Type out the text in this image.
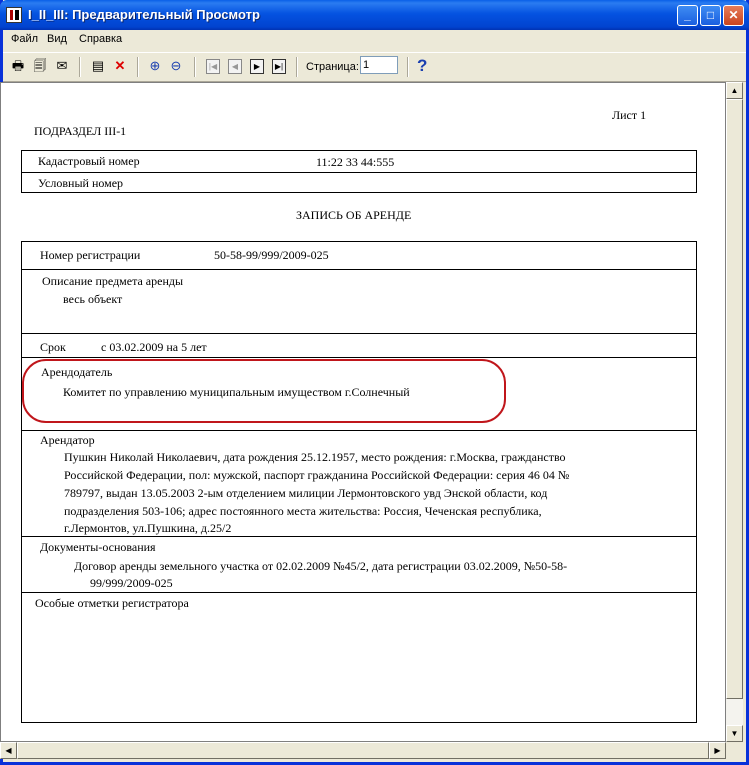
I_II_III: Предварительный Просмотр	_	□	✕
Файл Вид Справка
🖶 🗐 ✉ ▤ ✕ ⊕ ⊖	|◀	◀	▶	▶| Страница:
1	?
Лист 1
ПОДРАЗДЕЛ III-1
Кадастровый номер	11:22 33 44:555
Условный номер
ЗАПИСЬ ОБ АРЕНДЕ
Номер регистрации	50-58-99/999/2009-025
Описание предмета аренды
весь объект
Срок	с 03.02.2009 на 5 лет
Арендодатель
Комитет по управлению муниципальным имуществом г.Солнечный
Арендатор
Пушкин Николай Николаевич, дата рождения 25.12.1957, место рождения: г.Москва, гражданство
Российской Федерации, пол: мужской, паспорт гражданина Российской Федерации: серия 46 04 №
789797, выдан 13.05.2003 2-ым отделением милиции Лермонтовского увд Энской области, код
подразделения 503-106; адрес постоянного места жительства: Россия, Чеченская республика,
г.Лермонтов, ул.Пушкина, д.25/2
Документы-основания
Договор аренды земельного участка от 02.02.2009 №45/2, дата регистрации 03.02.2009, №50-58-
99/999/2009-025
Особые отметки регистратора
▲
▼
◀	▶
